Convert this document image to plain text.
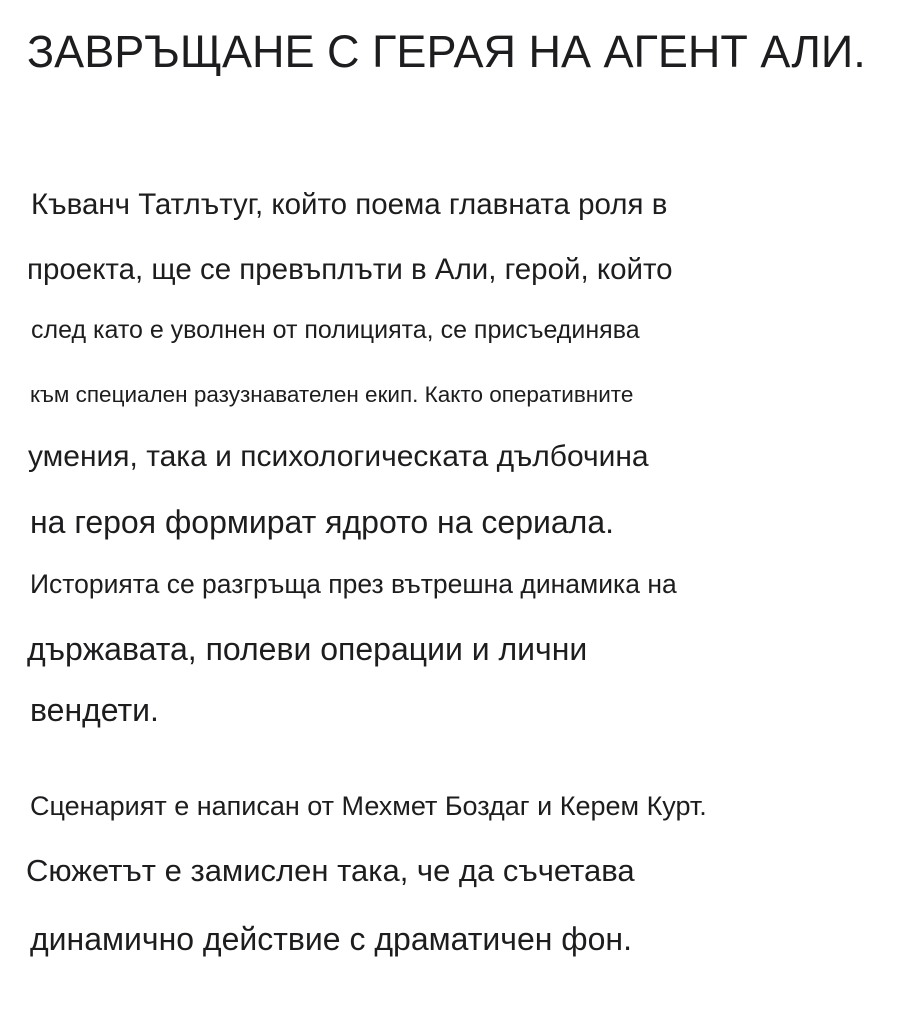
ЗАВРЪЩАНЕ С ГЕРАЯ НА АГЕНТ АЛИ.

Къванч Татлътуг, който поема главната роля в

проекта, ще се превъплъти в Али, герой, който

след като е уволнен от полицията, се присъединява

към специален разузнавателен екип. Както оперативните

умения, така и психологическата дълбочина

на героя формират ядрото на сериала.

Историята се разгръща през вътрешна динамика на

държавата, полеви операции и лични

вендети.

Сценарият е написан от Мехмет Боздаг и Керем Курт.

Сюжетът е замислен така, че да съчетава

динамично действие с драматичен фон.
